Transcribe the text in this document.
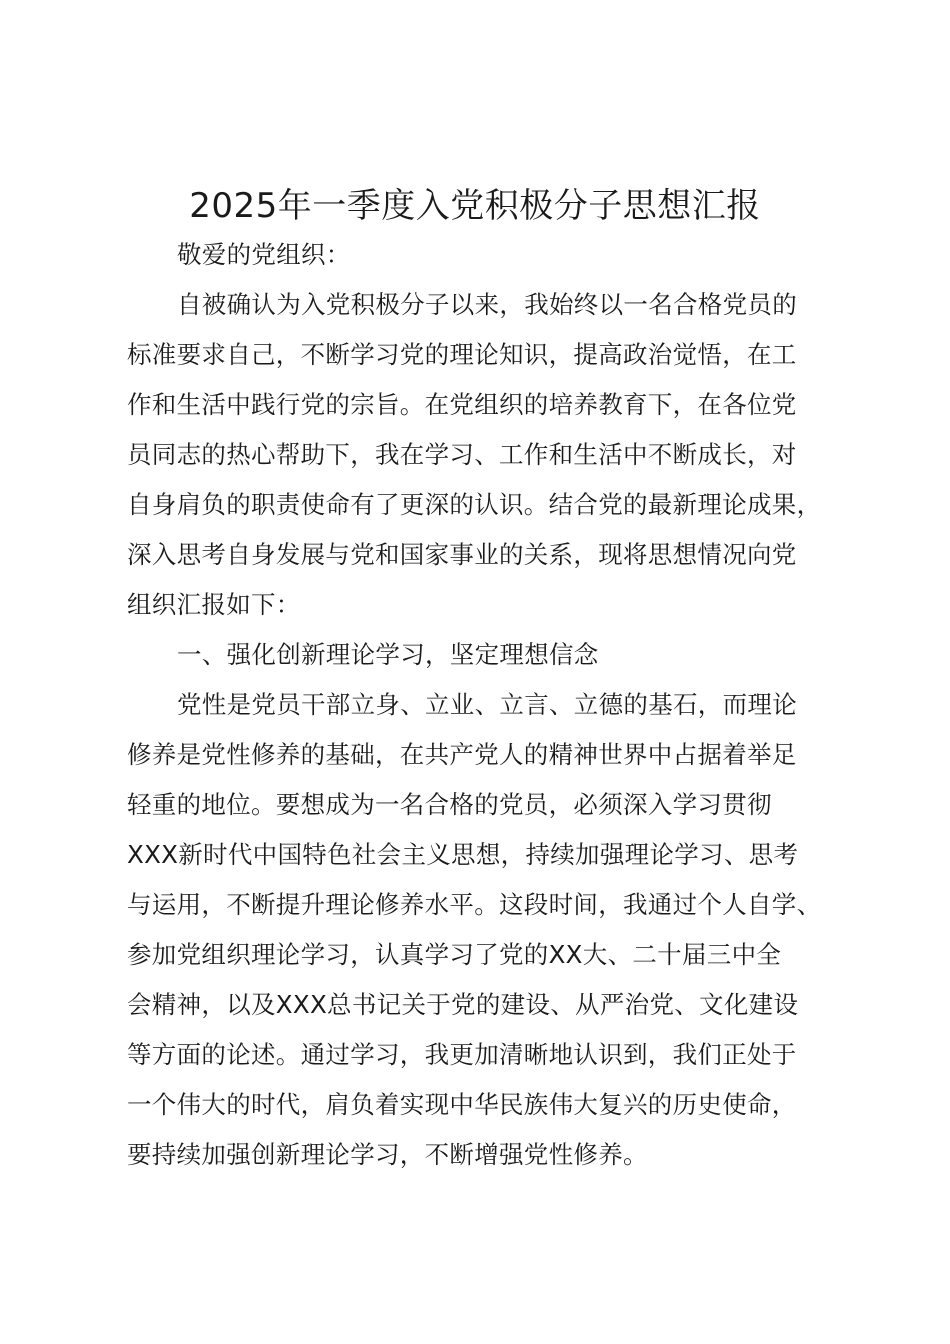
2025年一季度入党积极分子思想汇报
敬爱的党组织：
自被确认为入党积极分子以来，我始终以一名合格党员的
标准要求自己，不断学习党的理论知识，提高政治觉悟，在工
作和生活中践行党的宗旨。在党组织的培养教育下，在各位党
员同志的热心帮助下，我在学习、工作和生活中不断成长，对
自身肩负的职责使命有了更深的认识。结合党的最新理论成果，
深入思考自身发展与党和国家事业的关系，现将思想情况向党
组织汇报如下：
一、强化创新理论学习，坚定理想信念
党性是党员干部立身、立业、立言、立德的基石，而理论
修养是党性修养的基础，在共产党人的精神世界中占据着举足
轻重的地位。要想成为一名合格的党员，必须深入学习贯彻
XXX新时代中国特色社会主义思想，持续加强理论学习、思考
与运用，不断提升理论修养水平。这段时间，我通过个人自学、
参加党组织理论学习，认真学习了党的XX大、二十届三中全
会精神，以及XXX总书记关于党的建设、从严治党、文化建设
等方面的论述。通过学习，我更加清晰地认识到，我们正处于
一个伟大的时代，肩负着实现中华民族伟大复兴的历史使命，
要持续加强创新理论学习，不断增强党性修养。
